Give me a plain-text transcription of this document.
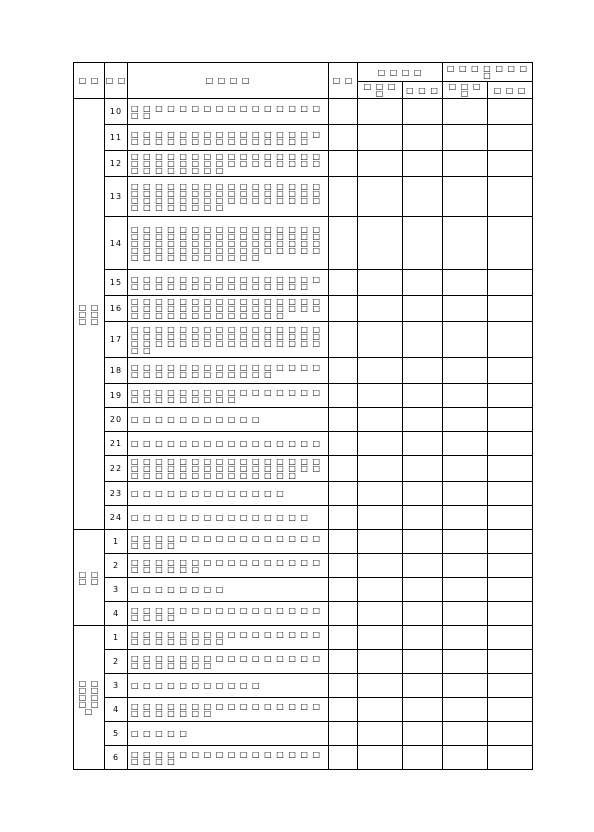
□ □	□ □	□ □ □ □	□ □	□ □ □ □		□ □ □ □ □ □ □ □	
				□ □ □ □	□ □ □	□ □ □ □	□ □ □
□ □ □ □ □ □	10	□ □ □ □ □ □ □ □ □ □ □ □ □ □ □ □ □ □					
	11	□ □ □ □ □ □ □ □ □ □ □ □ □ □ □ □ □ □ □ □ □ □ □ □ □ □ □ □ □ □ □					
	12	□ □ □ □ □ □ □ □ □ □ □ □ □ □ □ □ □ □ □ □ □ □ □ □ □ □ □ □ □ □ □ □ □ □ □ □ □ □ □ □					
	13	□ □ □ □ □ □ □ □ □ □ □ □ □ □ □ □ □ □ □ □ □ □ □ □ □ □ □ □ □ □ □ □ □ □ □ □ □ □ □ □ □ □ □ □ □ □ □ □ □ □ □ □ □ □ □ □					
	14	□ □ □ □ □ □ □ □ □ □ □ □ □ □ □ □ □ □ □ □ □ □ □ □ □ □ □ □ □ □ □ □ □ □ □ □ □ □ □ □ □ □ □ □ □ □ □ □ □ □ □ □ □ □ □ □ □ □ □ □ □ □ □ □ □ □ □ □ □ □ □ □ □ □ □					
	15	□ □ □ □ □ □ □ □ □ □ □ □ □ □ □ □ □ □ □ □ □ □ □ □ □ □ □ □ □ □ □					
	16	□ □ □ □ □ □ □ □ □ □ □ □ □ □ □ □ □ □ □ □ □ □ □ □ □ □ □ □ □ □ □ □ □ □ □ □ □ □ □ □ □ □ □ □ □					
	17	□ □ □ □ □ □ □ □ □ □ □ □ □ □ □ □ □ □ □ □ □ □ □ □ □ □ □ □ □ □ □ □ □ □ □ □ □ □ □ □ □ □ □ □ □ □ □ □ □ □					
	18	□ □ □ □ □ □ □ □ □ □ □ □ □ □ □ □ □ □ □ □ □ □ □ □ □ □ □ □					
	19	□ □ □ □ □ □ □ □ □ □ □ □ □ □ □ □ □ □ □ □ □ □ □ □ □					
	20	□ □ □ □ □ □ □ □ □ □ □					
	21	□ □ □ □ □ □ □ □ □ □ □ □ □ □ □ □					
	22	□ □ □ □ □ □ □ □ □ □ □ □ □ □ □ □ □ □ □ □ □ □ □ □ □ □ □ □ □ □ □ □ □ □ □ □ □ □ □ □ □ □ □ □ □ □					
	23	□ □ □ □ □ □ □ □ □ □ □ □ □					
	24	□ □ □ □ □ □ □ □ □ □ □ □ □ □ □					
□ □ □ □	1	□ □ □ □ □ □ □ □ □ □ □ □ □ □ □ □ □ □ □ □					
	2	□ □ □ □ □ □ □ □ □ □ □ □ □ □ □ □ □ □ □ □ □ □					
	3	□ □ □ □ □ □ □ □					
	4	□ □ □ □ □ □ □ □ □ □ □ □ □ □ □ □ □ □ □ □					
□ □ □ □ □ □ □ □ □	1	□ □ □ □ □ □ □ □ □ □ □ □ □ □ □ □ □ □ □ □ □ □ □ □					
	2	□ □ □ □ □ □ □ □ □ □ □ □ □ □ □ □ □ □ □ □ □ □ □					
	3	□ □ □ □ □ □ □ □ □ □ □					
	4	□ □ □ □ □ □ □ □ □ □ □ □ □ □ □ □ □ □ □ □ □ □ □					
	5	□ □ □ □ □					
	6	□ □ □ □ □ □ □ □ □ □ □ □ □ □ □ □ □ □ □ □					
